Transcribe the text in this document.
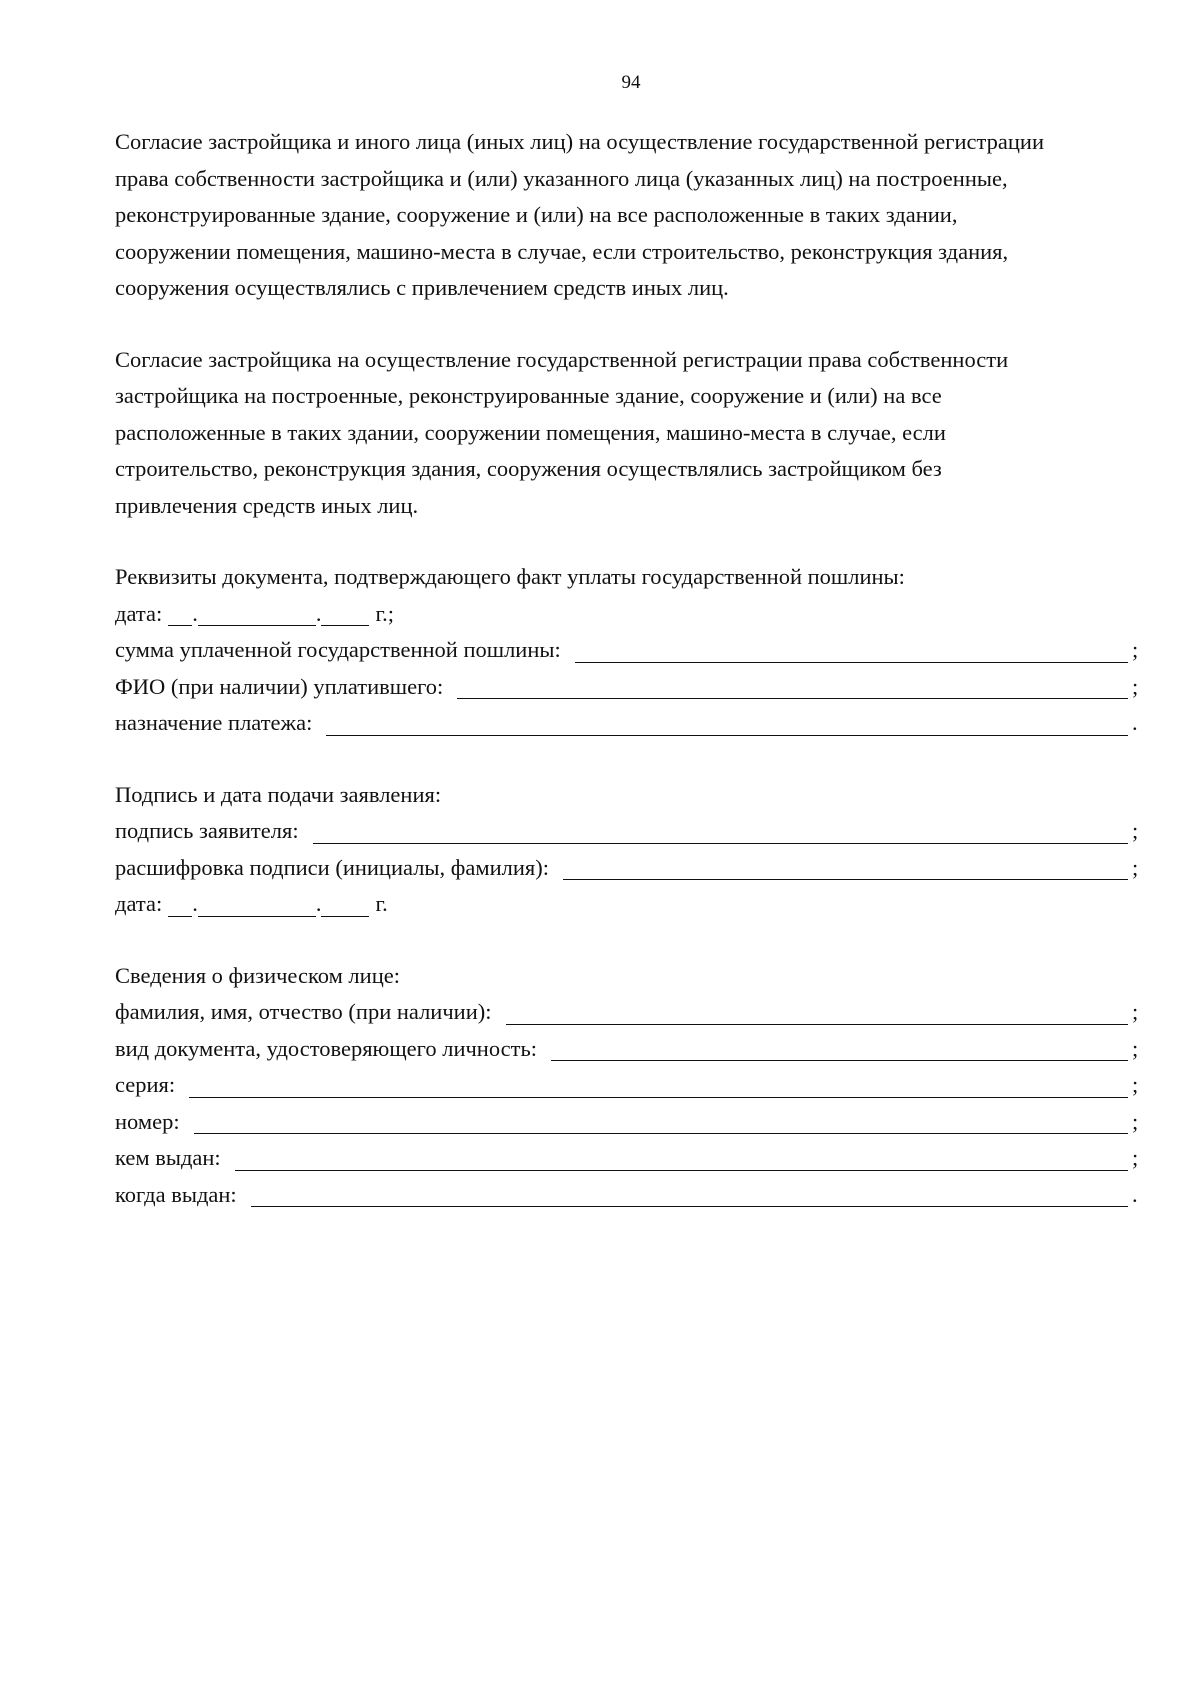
94
Согласие застройщика и иного лица (иных лиц) на осуществление государственной регистрации
права собственности застройщика и (или) указанного лица (указанных лиц) на построенные,
реконструированные здание, сооружение и (или) на все расположенные в таких здании,
сооружении помещения, машино-места в случае, если строительство, реконструкция здания,
сооружения осуществлялись с привлечением средств иных лиц.
Согласие застройщика на осуществление государственной регистрации права собственности
застройщика на построенные, реконструированные здание, сооружение и (или) на все
расположенные в таких здании, сооружении помещения, машино-места в случае, если
строительство, реконструкция здания, сооружения осуществлялись застройщиком без
привлечения средств иных лиц.
Реквизиты документа, подтверждающего факт уплаты государственной пошлины:
дата: .	. г.;
сумма уплаченной государственной пошлины:	;
ФИО (при наличии) уплатившего:	;
назначение платежа:	.
Подпись и дата подачи заявления:
подпись заявителя:	;
расшифровка подписи (инициалы, фамилия):	;
дата: .	. г.
Сведения о физическом лице:
фамилия, имя, отчество (при наличии):	;
вид документа, удостоверяющего личность:	;
серия:	;
номер:	;
кем выдан:	;
когда выдан:	.
